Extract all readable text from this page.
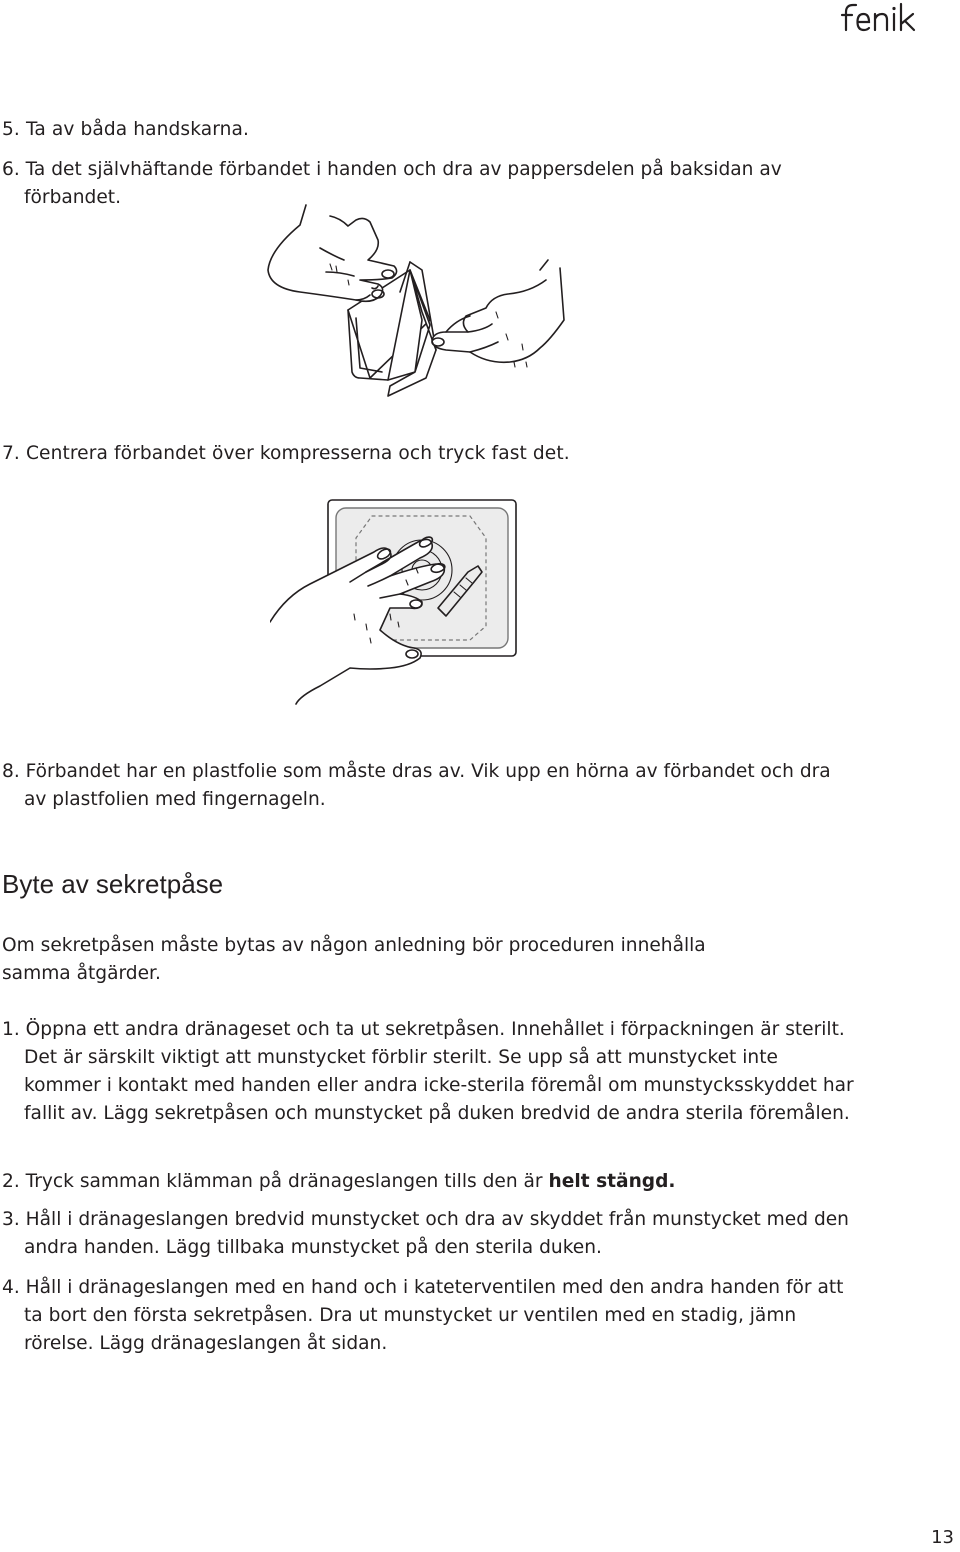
5. Ta av båda handskarna.

6. Ta det självhäftande förbandet i handen och dra av pappersdelen på baksidan av förbandet.

7. Centrera förbandet över kompresserna och tryck fast det.

8. Förbandet har en plastfolie som måste dras av. Vik upp en hörna av förbandet och dra av plastfolien med fingernageln.

Byte av sekretpåse

Om sekretpåsen måste bytas av någon anledning bör proceduren innehålla samma åtgärder.

1. Öppna ett andra dränageset och ta ut sekretpåsen. Innehållet i förpackningen är sterilt. Det är särskilt viktigt att munstycket förblir sterilt. Se upp så att munstycket inte kommer i kontakt med handen eller andra icke-sterila föremål om munstycksskyddet har fallit av. Lägg sekretpåsen och munstycket på duken bredvid de andra sterila föremålen.

2. Tryck samman klämman på dränageslangen tills den är helt stängd.

3. Håll i dränageslangen bredvid munstycket och dra av skyddet från munstycket med den andra handen. Lägg tillbaka munstycket på den sterila duken.

4. Håll i dränageslangen med en hand och i kateterventilen med den andra handen för att ta bort den första sekretpåsen. Dra ut munstycket ur ventilen med en stadig, jämn rörelse. Lägg dränageslangen åt sidan.

13
